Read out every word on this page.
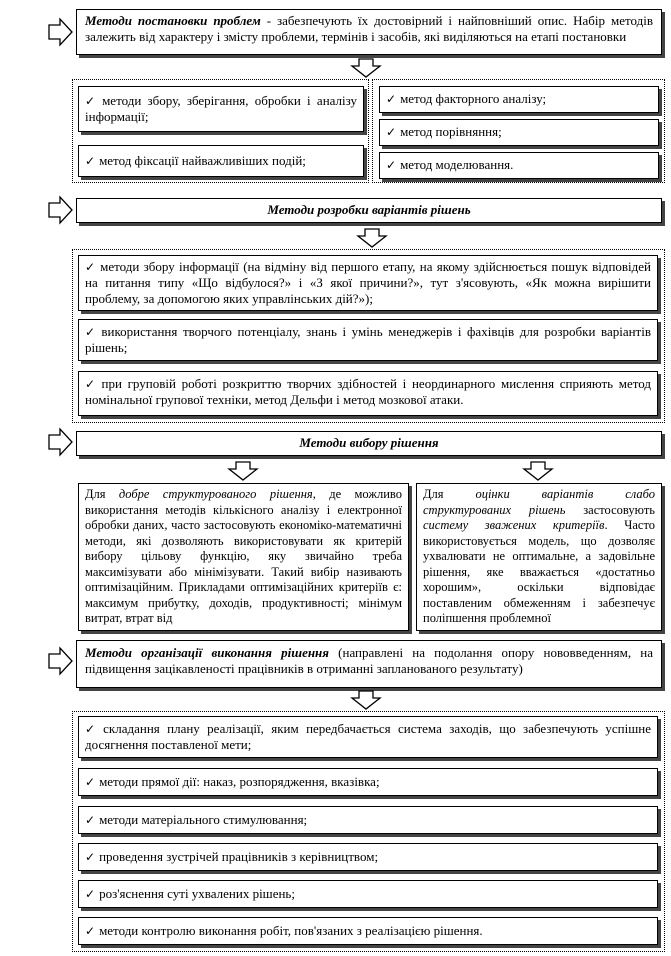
Методи постановки проблем - забезпечують їх достовірний і найповніший опис. Набір методів залежить від характеру і змісту проблеми, термінів і засобів, які виділяються на етапі постановки
✓ методи збору, зберігання, обробки і аналізу інформації;
✓ метод фіксації найважливіших подій;
✓ метод факторного аналізу;
✓ метод порівняння;
✓ метод моделювання.
Методи розробки варіантів рішень
✓ методи збору інформації (на відміну від першого етапу, на якому здійснюється пошук відповідей на питання типу «Що відбулося?» і «З якої причини?», тут з'ясовують, «Як можна вирішити проблему, за допомогою яких управлінських дій?»);
✓ використання творчого потенціалу, знань і умінь менеджерів і фахівців для розробки варіантів рішень;
✓ при груповій роботі розкриттю творчих здібностей і неординарного мислення сприяють метод номінальної групової техніки, метод Дельфи і метод мозкової атаки.
Методи вибору рішення
Для добре структурованого рішення, де можливо використання методів кількісного аналізу і електронної обробки даних, часто застосовують економіко-математичні методи, які дозволяють використовувати як критерій вибору цільову функцію, яку звичайно треба максимізувати або мінімізувати. Такий вибір називають оптимізаційним. Прикладами оптимізаційних критеріїв є: максимум прибутку, доходів, продуктивності; мінімум витрат, втрат від
Для оцінки варіантів слабо структурованих рішень застосовують систему зважених критеріїв. Часто використовується модель, що дозволяє ухвалювати не оптимальне, а задовільне рішення, яке вважається «достатньо хорошим», оскільки відповідає поставленим обмеженням і забезпечує поліпшення проблемної
Методи організації виконання рішення (направлені на подолання опору нововведенням, на підвищення зацікавленості працівників в отриманні запланованого результату)
✓ складання плану реалізації, яким передбачається система заходів, що забезпечують успішне досягнення поставленої мети;
✓ методи прямої дії: наказ, розпорядження, вказівка;
✓ методи матеріального стимулювання;
✓ проведення зустрічей працівників з керівництвом;
✓ роз'яснення суті ухвалених рішень;
✓ методи контролю виконання робіт, пов'язаних з реалізацією рішення.
